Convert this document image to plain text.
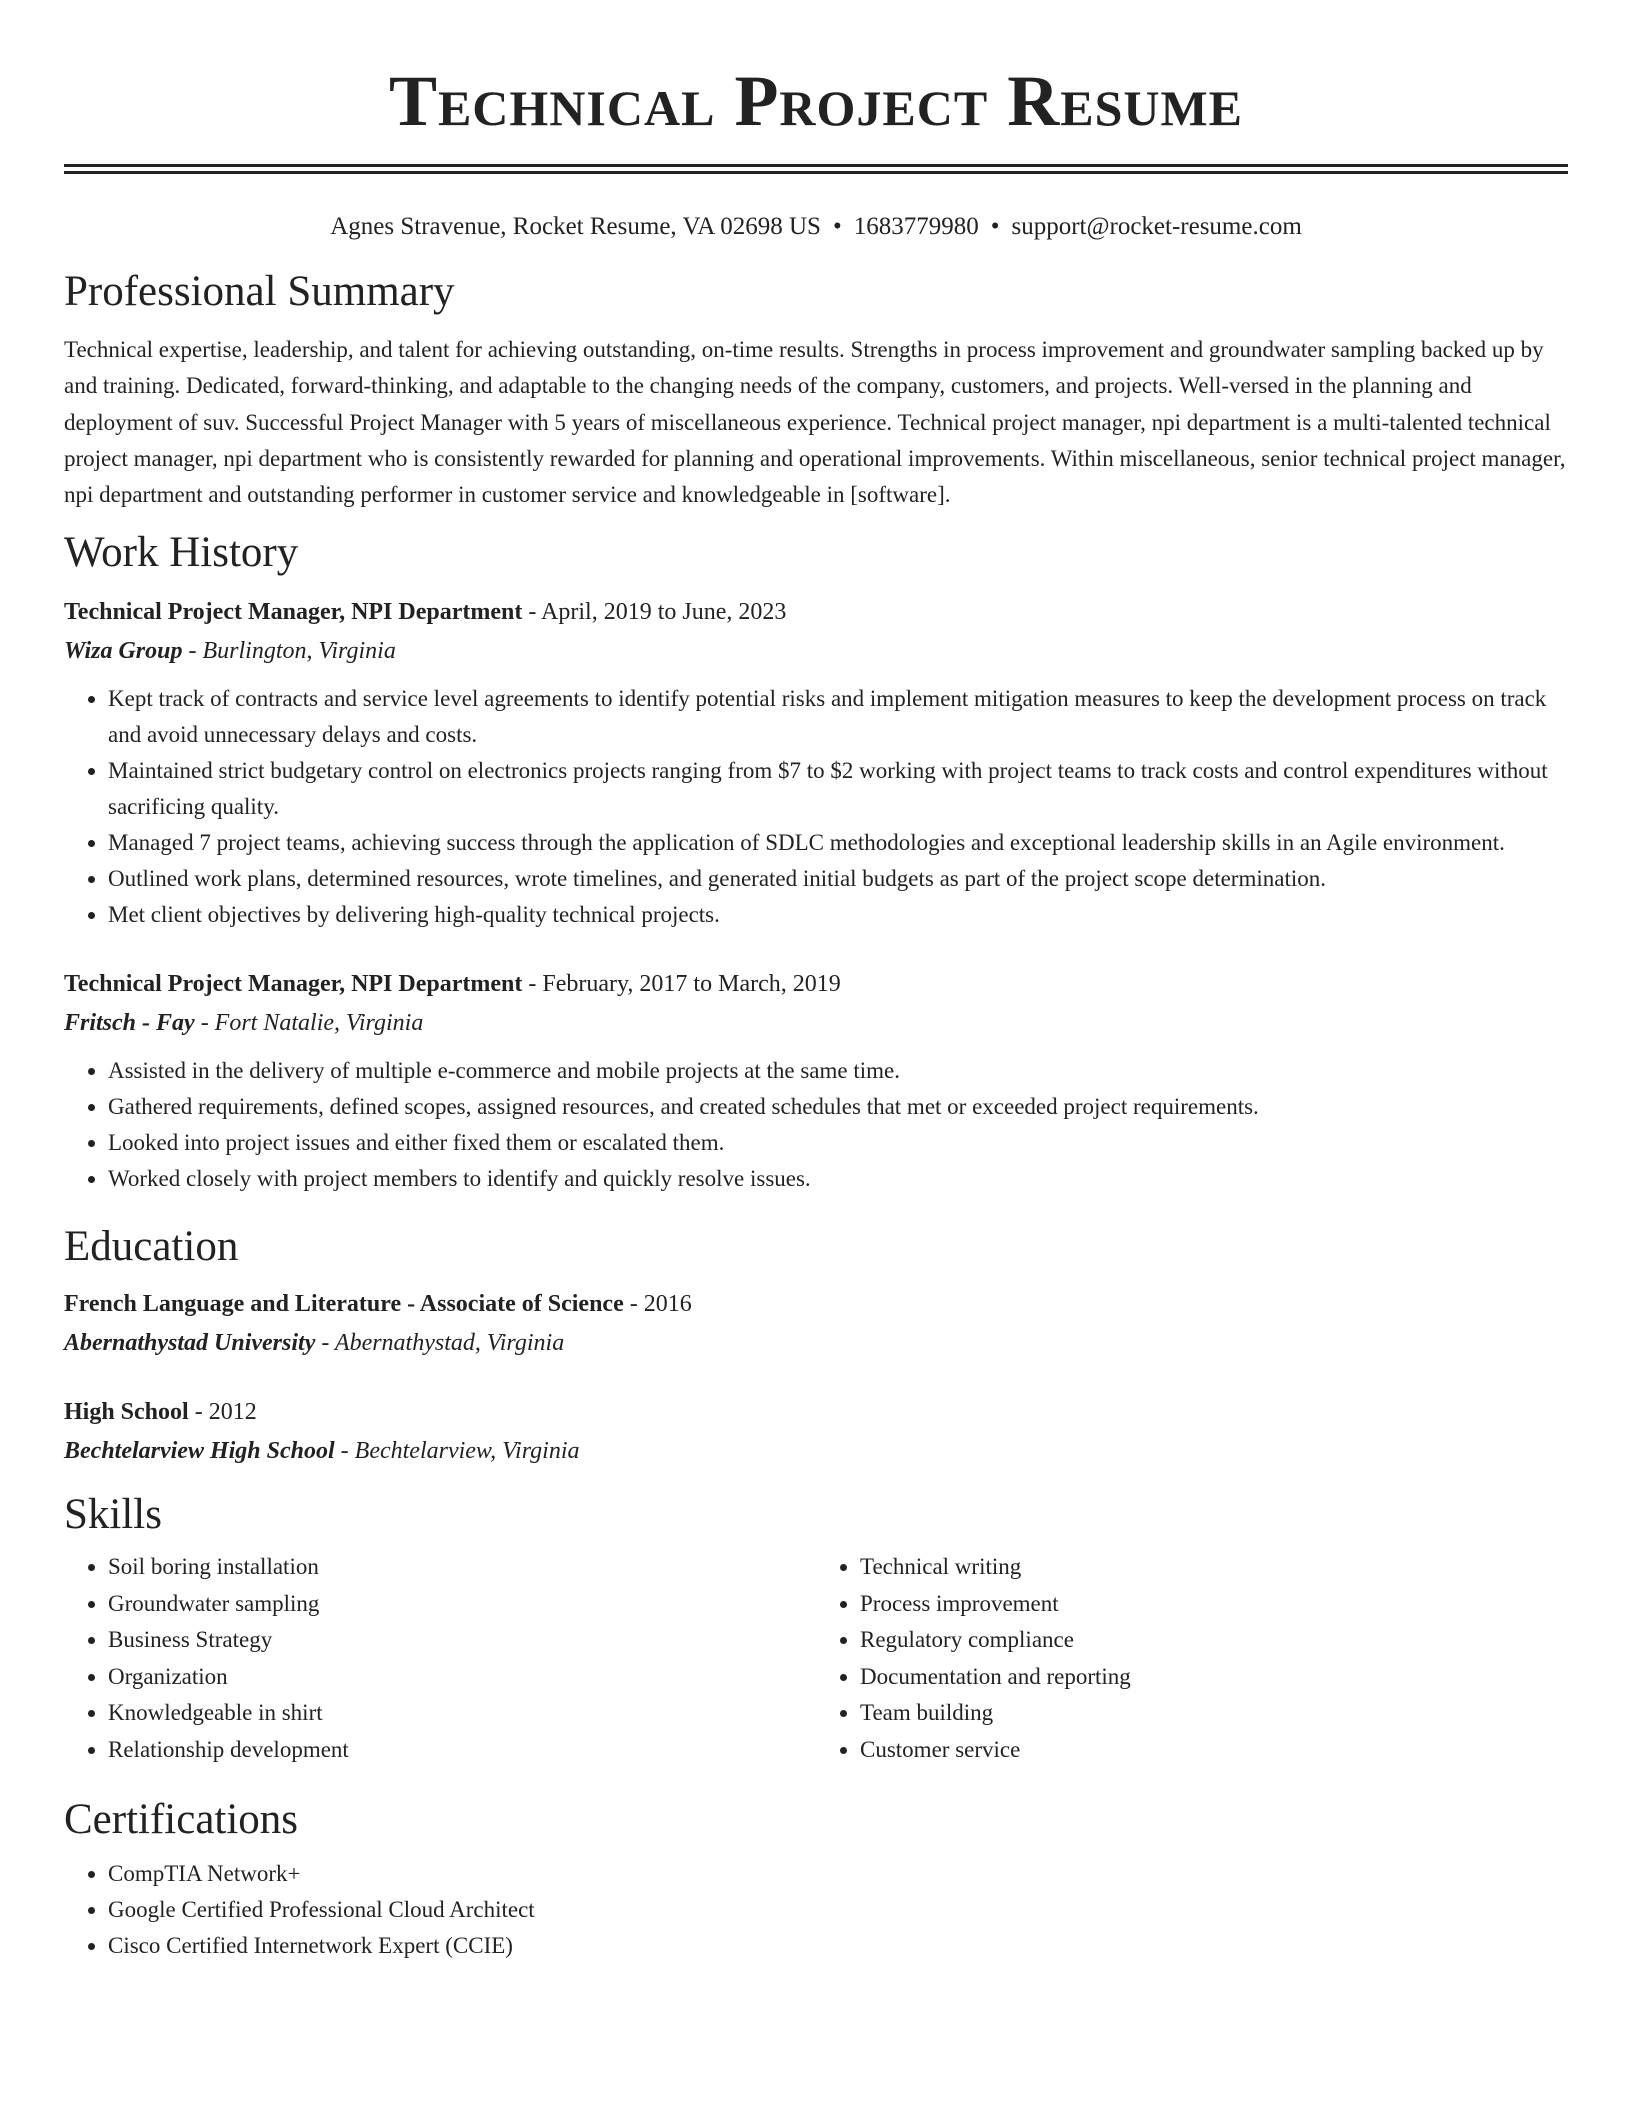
Technical Project Resume
Agnes Stravenue, Rocket Resume, VA 02698 US • 1683779980 • support@rocket-resume.com
Professional Summary

Technical expertise, leadership, and talent for achieving outstanding, on-time results. Strengths in process improvement and groundwater sampling backed up by and training. Dedicated, forward-thinking, and adaptable to the changing needs of the company, customers, and projects. Well-versed in the planning and deployment of suv. Successful Project Manager with 5 years of miscellaneous experience. Technical project manager, npi department is a multi-talented technical project manager, npi department who is consistently rewarded for planning and operational improvements. Within miscellaneous, senior technical project manager, npi department and outstanding performer in customer service and knowledgeable in [software].

Work History
Technical Project Manager, NPI Department - April, 2019 to June, 2023
Wiza Group - Burlington, Virginia
• Kept track of contracts and service level agreements to identify potential risks and implement mitigation measures to keep the development process on track and avoid unnecessary delays and costs.
• Maintained strict budgetary control on electronics projects ranging from $7 to $2 working with project teams to track costs and control expenditures without sacrificing quality.
• Managed 7 project teams, achieving success through the application of SDLC methodologies and exceptional leadership skills in an Agile environment.
• Outlined work plans, determined resources, wrote timelines, and generated initial budgets as part of the project scope determination.
• Met client objectives by delivering high-quality technical projects.
Technical Project Manager, NPI Department - February, 2017 to March, 2019
Fritsch - Fay - Fort Natalie, Virginia
• Assisted in the delivery of multiple e-commerce and mobile projects at the same time.
• Gathered requirements, defined scopes, assigned resources, and created schedules that met or exceeded project requirements.
• Looked into project issues and either fixed them or escalated them.
• Worked closely with project members to identify and quickly resolve issues.
Education
French Language and Literature - Associate of Science - 2016
Abernathystad University - Abernathystad, Virginia
High School - 2012
Bechtelarview High School - Bechtelarview, Virginia
Skills
• Soil boring installation
• Groundwater sampling
• Business Strategy
• Organization
• Knowledgeable in shirt
• Relationship development
• Technical writing
• Process improvement
• Regulatory compliance
• Documentation and reporting
• Team building
• Customer service
Certifications
• CompTIA Network+
• Google Certified Professional Cloud Architect
• Cisco Certified Internetwork Expert (CCIE)
